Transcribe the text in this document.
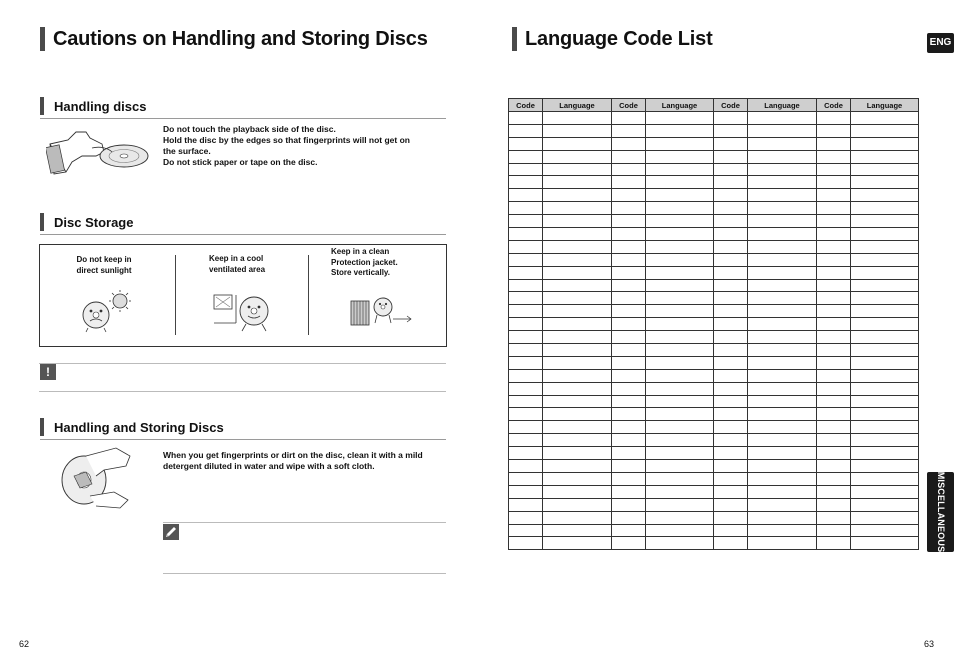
Cautions on Handling and Storing Discs
Handling discs
Do not touch the playback side of the disc.
Hold the disc by the edges so that fingerprints will not get on
the surface.
Do not stick paper or tape on the disc.
Disc Storage
Do not keep in
direct sunlight
Keep in a cool
ventilated area
Keep in a clean
Protection jacket.
Store vertically.
!
Handling and Storing Discs
When you get fingerprints or dirt on the disc, clean it with a mild
detergent diluted in water and wipe with a soft cloth.
62
Language Code List	ENG
Code	Language	Code	Language	Code	Language	Code	Language

MISCELLANEOUS
63
